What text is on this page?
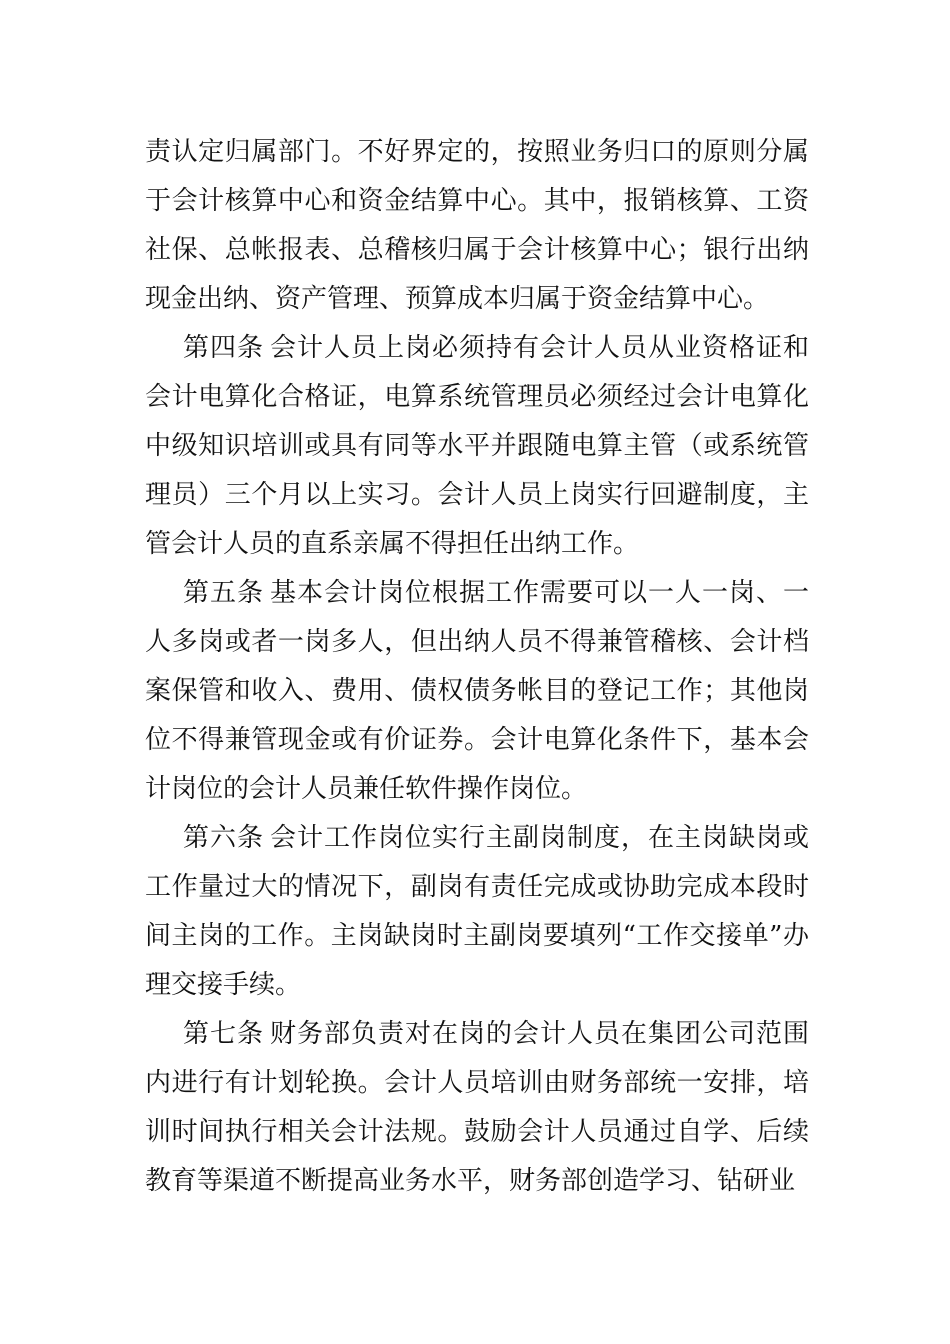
责认定归属部门。不好界定的，按照业务归口的原则分属于会计核算中心和资金结算中心。其中，报销核算、工资社保、总帐报表、总稽核归属于会计核算中心；银行出纳现金出纳、资产管理、预算成本归属于资金结算中心。

第四条 会计人员上岗必须持有会计人员从业资格证和会计电算化合格证，电算系统管理员必须经过会计电算化中级知识培训或具有同等水平并跟随电算主管（或系统管理员）三个月以上实习。会计人员上岗实行回避制度，主管会计人员的直系亲属不得担任出纳工作。

第五条 基本会计岗位根据工作需要可以一人一岗、一人多岗或者一岗多人，但出纳人员不得兼管稽核、会计档案保管和收入、费用、债权债务帐目的登记工作；其他岗位不得兼管现金或有价证券。会计电算化条件下，基本会计岗位的会计人员兼任软件操作岗位。

第六条 会计工作岗位实行主副岗制度，在主岗缺岗或工作量过大的情况下，副岗有责任完成或协助完成本段时间主岗的工作。主岗缺岗时主副岗要填列“工作交接单”办理交接手续。

第七条 财务部负责对在岗的会计人员在集团公司范围内进行有计划轮换。会计人员培训由财务部统一安排，培训时间执行相关会计法规。鼓励会计人员通过自学、后续教育等渠道不断提高业务水平，财务部创造学习、钻研业
